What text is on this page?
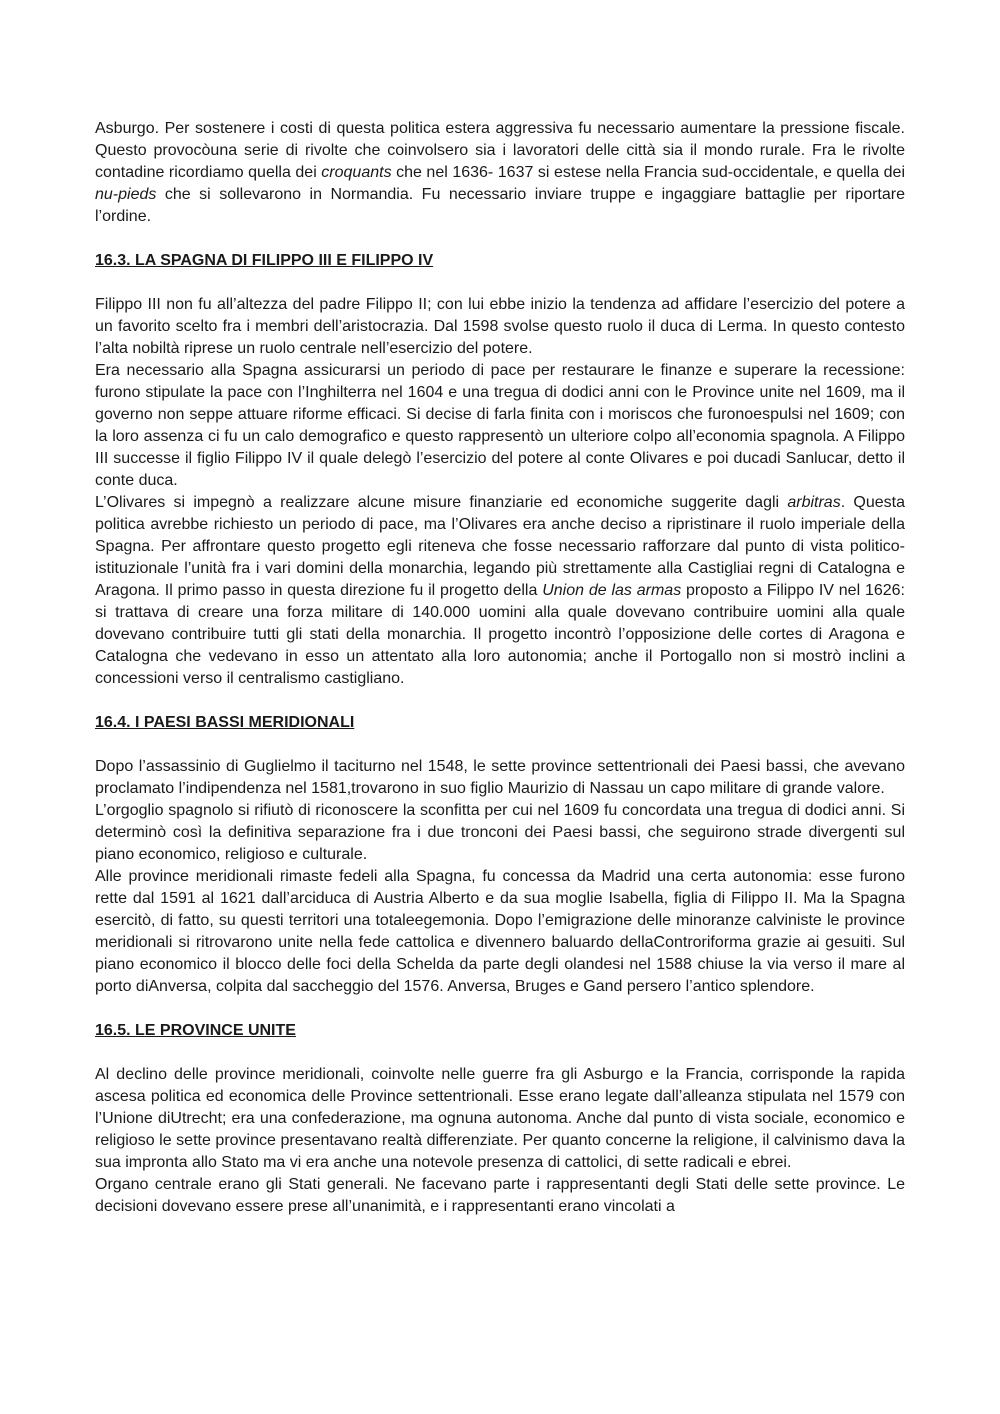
Asburgo. Per sostenere i costi di questa politica estera aggressiva fu necessario aumentare la pressione fiscale. Questo provocòuna serie di rivolte che coinvolsero sia i lavoratori delle città sia il mondo rurale. Fra le rivolte contadine ricordiamo quella dei croquants che nel 1636- 1637 si estese nella Francia sud-occidentale, e quella dei nu-pieds che si sollevarono in Normandia. Fu necessario inviare truppe e ingaggiare battaglie per riportare l’ordine.

16.3. LA SPAGNA DI FILIPPO III E FILIPPO IV

Filippo III non fu all’altezza del padre Filippo II; con lui ebbe inizio la tendenza ad affidare l’esercizio del potere a un favorito scelto fra i membri dell’aristocrazia. Dal 1598 svolse questo ruolo il duca di Lerma. In questo contesto l’alta nobiltà riprese un ruolo centrale nell’esercizio del potere.

Era necessario alla Spagna assicurarsi un periodo di pace per restaurare le finanze e superare la recessione: furono stipulate la pace con l’Inghilterra nel 1604 e una tregua di dodici anni con le Province unite nel 1609, ma il governo non seppe attuare riforme efficaci. Si decise di farla finita con i moriscos che furonoespulsi nel 1609; con la loro assenza ci fu un calo demografico e questo rappresentò un ulteriore colpo all’economia spagnola. A Filippo III successe il figlio Filippo IV il quale delegò l’esercizio del potere al conte Olivares e poi ducadi Sanlucar, detto il conte duca.

L’Olivares si impegnò a realizzare alcune misure finanziarie ed economiche suggerite dagli arbitras. Questa politica avrebbe richiesto un periodo di pace, ma l’Olivares era anche deciso a ripristinare il ruolo imperiale della Spagna. Per affrontare questo progetto egli riteneva che fosse necessario rafforzare dal punto di vista politico-istituzionale l’unità fra i vari domini della monarchia, legando più strettamente alla Castigliai regni di Catalogna e Aragona. Il primo passo in questa direzione fu il progetto della Union de las armas proposto a Filippo IV nel 1626: si trattava di creare una forza militare di 140.000 uomini alla quale dovevano contribuire uomini alla quale dovevano contribuire tutti gli stati della monarchia. Il progetto incontrò l’opposizione delle cortes di Aragona e Catalogna che vedevano in esso un attentato alla loro autonomia; anche il Portogallo non si mostrò inclini a concessioni verso il centralismo castigliano.

16.4. I PAESI BASSI MERIDIONALI

Dopo l’assassinio di Guglielmo il taciturno nel 1548, le sette province settentrionali dei Paesi bassi, che avevano proclamato l’indipendenza nel 1581,trovarono in suo figlio Maurizio di Nassau un capo militare di grande valore.

L’orgoglio spagnolo si rifiutò di riconoscere la sconfitta per cui nel 1609 fu concordata una tregua di dodici anni. Si determinò così la definitiva separazione fra i due tronconi dei Paesi bassi, che seguirono strade divergenti sul piano economico, religioso e culturale.

Alle province meridionali rimaste fedeli alla Spagna, fu concessa da Madrid una certa autonomia: esse furono rette dal 1591 al 1621 dall’arciduca di Austria Alberto e da sua moglie Isabella, figlia di Filippo II. Ma la Spagna esercitò, di fatto, su questi territori una totaleegemonia. Dopo l’emigrazione delle minoranze calviniste le province meridionali si ritrovarono unite nella fede cattolica e divennero baluardo dellaControriforma grazie ai gesuiti. Sul piano economico il blocco delle foci della Schelda da parte degli olandesi nel 1588 chiuse la via verso il mare al porto diAnversa, colpita dal saccheggio del 1576. Anversa, Bruges e Gand persero l’antico splendore.

16.5. LE PROVINCE UNITE

Al declino delle province meridionali, coinvolte nelle guerre fra gli Asburgo e la Francia, corrisponde la rapida ascesa politica ed economica delle Province settentrionali. Esse erano legate dall’alleanza stipulata nel 1579 con l’Unione diUtrecht; era una confederazione, ma ognuna autonoma. Anche dal punto di vista sociale, economico e religioso le sette province presentavano realtà differenziate. Per quanto concerne la religione, il calvinismo dava la sua impronta allo Stato ma vi era anche una notevole presenza di cattolici, di sette radicali e ebrei.

Organo centrale erano gli Stati generali. Ne facevano parte i rappresentanti degli Stati delle sette province. Le decisioni dovevano essere prese all’unanimità, e i rappresentanti erano vincolati a
